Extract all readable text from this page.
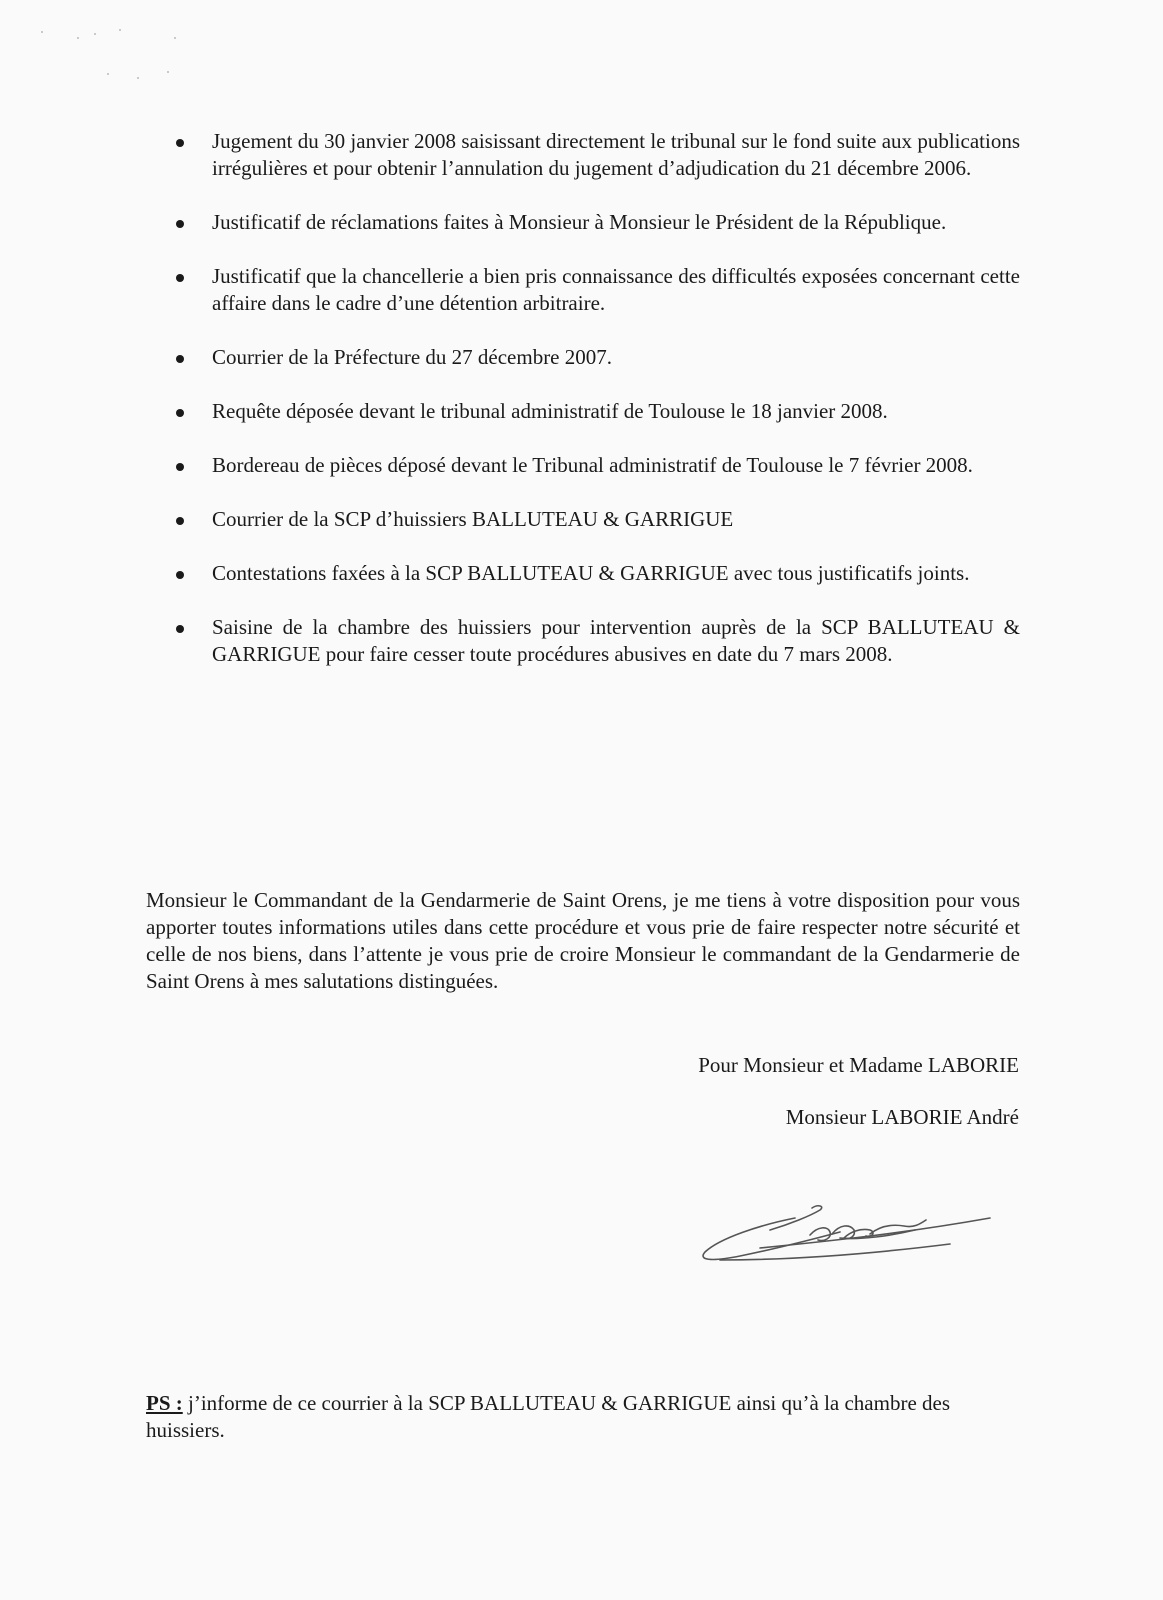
Jugement du 30 janvier 2008 saisissant directement le tribunal sur le fond suite aux publications irrégulières et pour obtenir l’annulation du jugement d’adjudication du 21 décembre 2006.
Justificatif de réclamations faites à Monsieur à Monsieur le Président de la République.
Justificatif que la chancellerie a bien pris connaissance des difficultés exposées concernant cette affaire dans le cadre d’une détention arbitraire.
Courrier de la Préfecture du 27 décembre 2007.
Requête déposée devant le tribunal administratif de Toulouse le 18 janvier 2008.
Bordereau de pièces déposé devant le Tribunal administratif de Toulouse le 7 février 2008.
Courrier de la SCP d’huissiers BALLUTEAU & GARRIGUE
Contestations faxées à la SCP BALLUTEAU & GARRIGUE avec tous justificatifs joints.
Saisine de la chambre des huissiers pour intervention auprès de la SCP BALLUTEAU & GARRIGUE pour faire cesser toute procédures abusives en date du 7 mars 2008.

Monsieur le Commandant de la Gendarmerie de Saint Orens, je me tiens à votre disposition pour vous apporter toutes informations utiles dans cette procédure et vous prie de faire respecter notre sécurité et celle de nos biens, dans l’attente je vous prie de croire Monsieur le commandant de la Gendarmerie de Saint Orens à mes salutations distinguées.

Pour Monsieur et Madame LABORIE

Monsieur LABORIE André

PS : j’informe de ce courrier à la SCP BALLUTEAU & GARRIGUE ainsi qu’à la chambre des huissiers.
